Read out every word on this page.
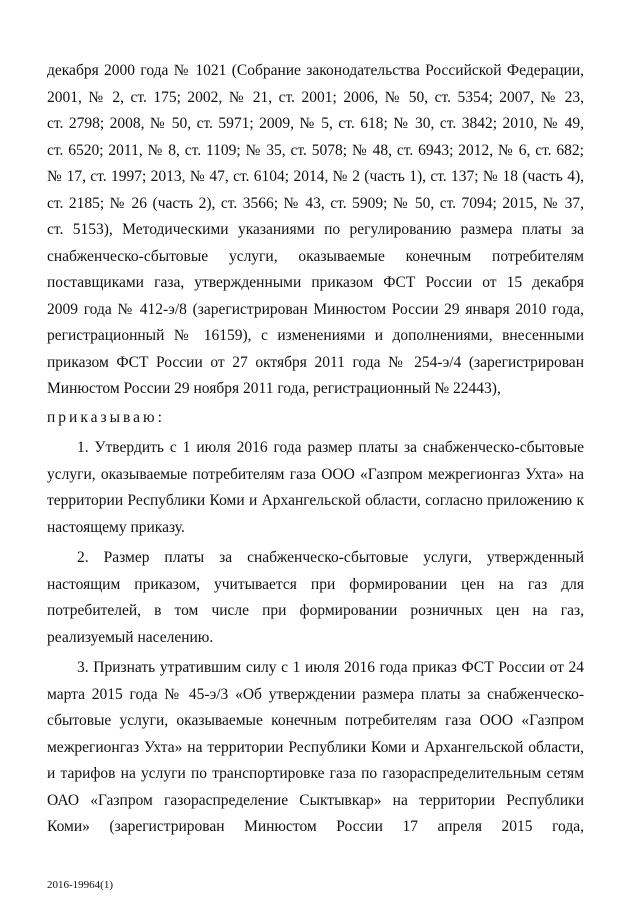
декабря 2000 года № 1021 (Собрание законодательства Российской Федерации,
2001, № 2, ст. 175; 2002, № 21, ст. 2001; 2006, № 50, ст. 5354; 2007, № 23,
ст. 2798; 2008, № 50, ст. 5971; 2009, № 5, ст. 618; № 30, ст. 3842; 2010, № 49,
ст. 6520; 2011, № 8, ст. 1109; № 35, ст. 5078; № 48, ст. 6943; 2012, № 6, ст. 682;
№ 17, ст. 1997; 2013, № 47, ст. 6104; 2014, № 2 (часть 1), ст. 137; № 18 (часть 4),
ст. 2185; № 26 (часть 2), ст. 3566; № 43, ст. 5909; № 50, ст. 7094; 2015, № 37,
ст. 5153), Методическими указаниями по регулированию размера платы за
снабженческо-сбытовые услуги, оказываемые конечным потребителям
поставщиками газа, утвержденными приказом ФСТ России от 15 декабря
2009 года № 412-э/8 (зарегистрирован Минюстом России 29 января 2010 года,
регистрационный № 16159), с изменениями и дополнениями, внесенными
приказом ФСТ России от 27 октября 2011 года № 254-э/4 (зарегистрирован
Минюстом России 29 ноября 2011 года, регистрационный № 22443),
приказываю:
1. Утвердить с 1 июля 2016 года размер платы за снабженческо-сбытовые
услуги, оказываемые потребителям газа ООО «Газпром межрегионгаз Ухта» на
территории Республики Коми и Архангельской области, согласно приложению к
настоящему приказу.
2. Размер платы за снабженческо-сбытовые услуги, утвержденный
настоящим приказом, учитывается при формировании цен на газ для
потребителей, в том числе при формировании розничных цен на газ,
реализуемый населению.
3. Признать утратившим силу с 1 июля 2016 года приказ ФСТ России от 24
марта 2015 года № 45-э/3 «Об утверждении размера платы за снабженческо-
сбытовые услуги, оказываемые конечным потребителям газа ООО «Газпром
межрегионгаз Ухта» на территории Республики Коми и Архангельской области,
и тарифов на услуги по транспортировке газа по газораспределительным сетям
ОАО «Газпром газораспределение Сыктывкар» на территории Республики
Коми» (зарегистрирован Минюстом России 17 апреля 2015 года,
2016-19964(1)
